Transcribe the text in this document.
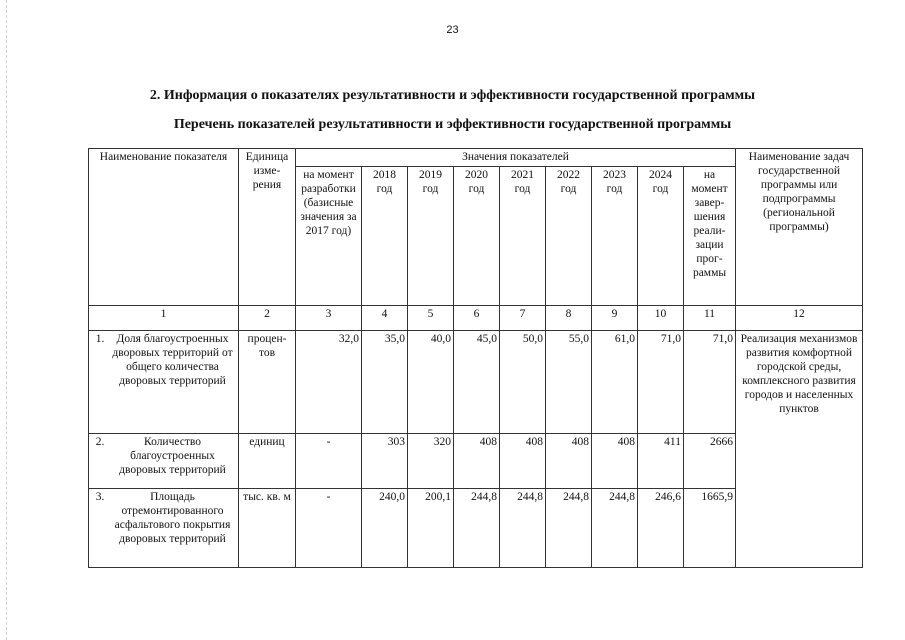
23
2. Информация о показателях результативности и эффективности государственной программы
Перечень показателей результативности и эффективности государственной программы
Наименование показателя	Единица изме-рения	Значения показателей									Наименование задач государственной программы или подпрограммы (региональной программы)
		на момент разработки (базисные значения за 2017 год)	2018 год	2019 год	2020 год	2021 год	2022 год	2023 год	2024 год	на момент завер-шения реали-зации прог-раммы	
1	2	3	4	5	6	7	8	9	10	11	12

1. Доля благоустроенных дворовых территорий от общего количества дворовых территорий	процен-тов	32,0	35,0	40,0	45,0	50,0	55,0	61,0	71,0	71,0	Реализация механизмов развития комфортной городской среды, комплексного развития городов и населенных пунктов

2. Количество благоустроенных дворовых территорий	единиц	-	303	320	408	408	408	408	411	2666	

3. Площадь отремонтированного асфальтового покрытия дворовых территорий	тыс. кв. м	-	240,0	200,1	244,8	244,8	244,8	244,8	246,6	1665,9	
